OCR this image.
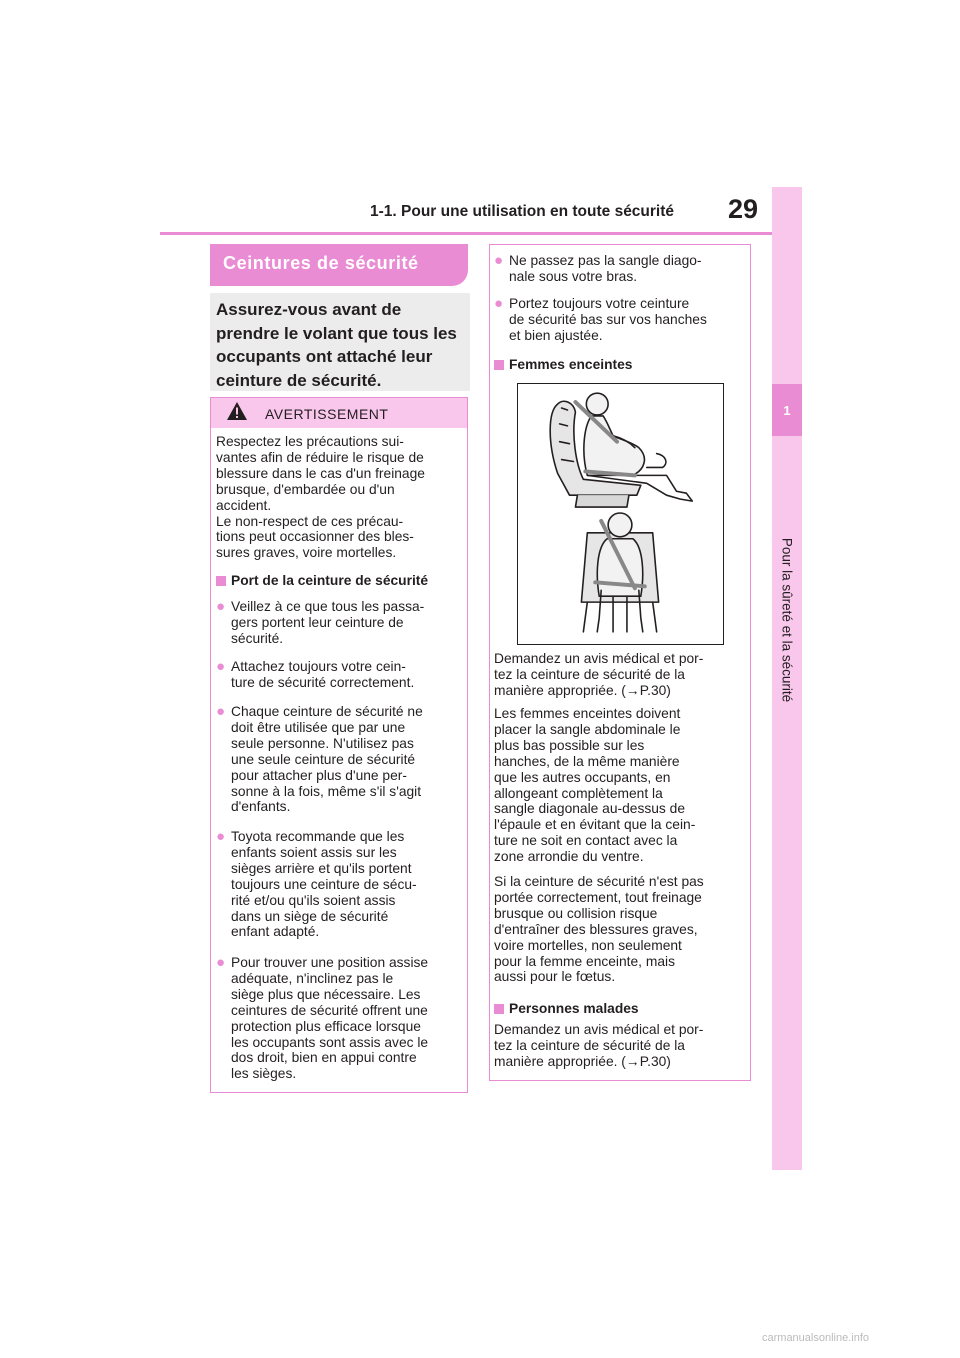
1-1. Pour une utilisation en toute sécurité 29
1
Pour la sûreté et la sécurité
Ceintures de sécurité
Assurez-vous avant de prendre le volant que tous les occupants ont attaché leur ceinture de sécurité.
AVERTISSEMENT
Respectez les précautions sui-
vantes afin de réduire le risque de
blessure dans le cas d'un freinage
brusque, d'embardée ou d'un
accident.
Le non-respect de ces précau-
tions peut occasionner des bles-
sures graves, voire mortelles.
Port de la ceinture de sécurité
● Veillez à ce que tous les passa-
gers portent leur ceinture de
sécurité.
● Attachez toujours votre cein-
ture de sécurité correctement.
● Chaque ceinture de sécurité ne
doit être utilisée que par une
seule personne. N'utilisez pas
une seule ceinture de sécurité
pour attacher plus d'une per-
sonne à la fois, même s'il s'agit
d'enfants.
● Toyota recommande que les
enfants soient assis sur les
sièges arrière et qu'ils portent
toujours une ceinture de sécu-
rité et/ou qu'ils soient assis
dans un siège de sécurité
enfant adapté.
● Pour trouver une position assise
adéquate, n'inclinez pas le
siège plus que nécessaire. Les
ceintures de sécurité offrent une
protection plus efficace lorsque
les occupants sont assis avec le
dos droit, bien en appui contre
les sièges.
● Ne passez pas la sangle diago-
nale sous votre bras.
● Portez toujours votre ceinture
de sécurité bas sur vos hanches
et bien ajustée.
Femmes enceintes
Demandez un avis médical et por-
tez la ceinture de sécurité de la
manière appropriée. (→P.30)
Les femmes enceintes doivent
placer la sangle abdominale le
plus bas possible sur les
hanches, de la même manière
que les autres occupants, en
allongeant complètement la
sangle diagonale au-dessus de
l'épaule et en évitant que la cein-
ture ne soit en contact avec la
zone arrondie du ventre.
Si la ceinture de sécurité n'est pas
portée correctement, tout freinage
brusque ou collision risque
d'entraîner des blessures graves,
voire mortelles, non seulement
pour la femme enceinte, mais
aussi pour le fœtus.
Personnes malades
Demandez un avis médical et por-
tez la ceinture de sécurité de la
manière appropriée. (→P.30)
carmanualsonline.info
